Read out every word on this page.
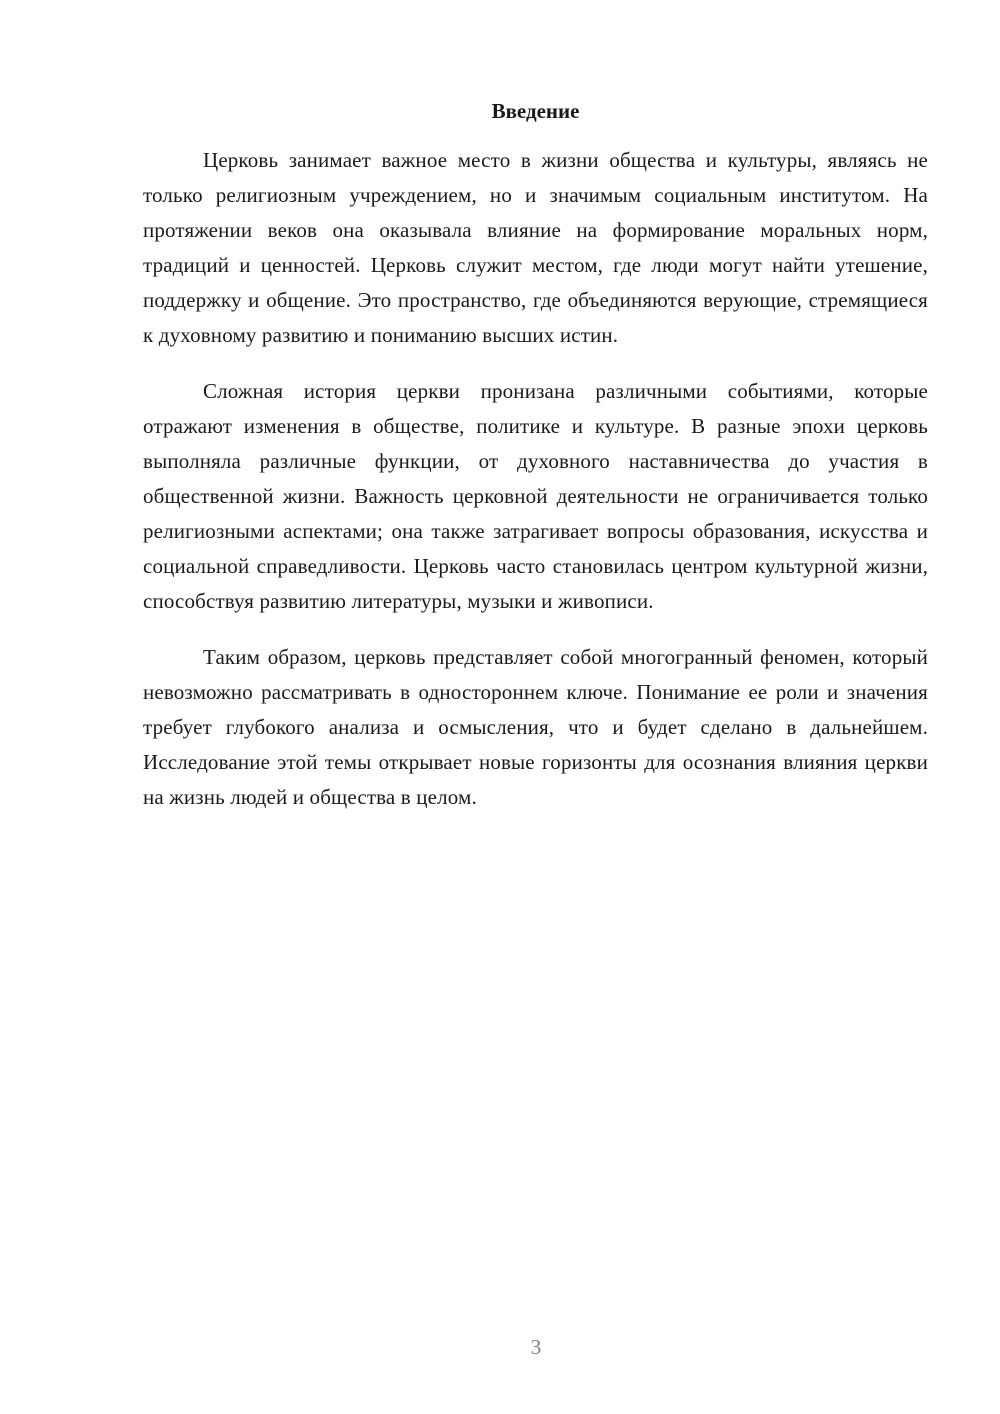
Введение

Церковь занимает важное место в жизни общества и культуры, являясь не только религиозным учреждением, но и значимым социальным институтом. На протяжении веков она оказывала влияние на формирование моральных норм, традиций и ценностей. Церковь служит местом, где люди могут найти утешение, поддержку и общение. Это пространство, где объединяются верующие, стремящиеся к духовному развитию и пониманию высших истин.

Сложная история церкви пронизана различными событиями, которые отражают изменения в обществе, политике и культуре. В разные эпохи церковь выполняла различные функции, от духовного наставничества до участия в общественной жизни. Важность церковной деятельности не ограничивается только религиозными аспектами; она также затрагивает вопросы образования, искусства и социальной справедливости. Церковь часто становилась центром культурной жизни, способствуя развитию литературы, музыки и живописи.

Таким образом, церковь представляет собой многогранный феномен, который невозможно рассматривать в одностороннем ключе. Понимание ее роли и значения требует глубокого анализа и осмысления, что и будет сделано в дальнейшем. Исследование этой темы открывает новые горизонты для осознания влияния церкви на жизнь людей и общества в целом.

3
